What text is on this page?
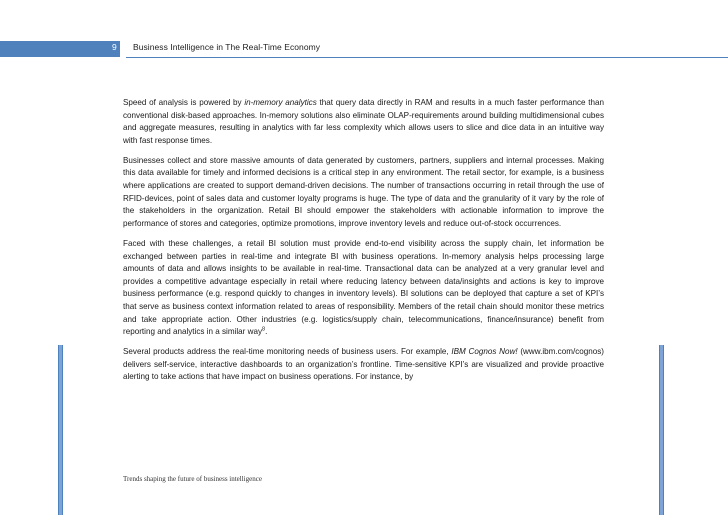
9 Business Intelligence in The Real-Time Economy

Speed of analysis is powered by in-memory analytics that query data directly in RAM and results in a much faster performance than conventional disk-based approaches. In-memory solutions also eliminate OLAP-requirements around building multidimensional cubes and aggregate measures, resulting in analytics with far less complexity which allows users to slice and dice data in an intuitive way with fast response times.

Businesses collect and store massive amounts of data generated by customers, partners, suppliers and internal processes. Making this data available for timely and informed decisions is a critical step in any environment. The retail sector, for example, is a business where applications are created to support demand-driven decisions. The number of transactions occurring in retail through the use of RFID-devices, point of sales data and customer loyalty programs is huge. The type of data and the granularity of it vary by the role of the stakeholders in the organization. Retail BI should empower the stakeholders with actionable information to improve the performance of stores and categories, optimize promotions, improve inventory levels and reduce out-of-stock occurrences.

Faced with these challenges, a retail BI solution must provide end-to-end visibility across the supply chain, let information be exchanged between parties in real-time and integrate BI with business operations. In-memory analysis helps processing large amounts of data and allows insights to be available in real-time. Transactional data can be analyzed at a very granular level and provides a competitive advantage especially in retail where reducing latency between data/insights and actions is key to improve business performance (e.g. respond quickly to changes in inventory levels). BI solutions can be deployed that capture a set of KPI’s that serve as business context information related to areas of responsibility. Members of the retail chain should monitor these metrics and take appropriate action. Other industries (e.g. logistics/supply chain, telecommunications, finance/insurance) benefit from reporting and analytics in a similar way$^8$.

Several products address the real-time monitoring needs of business users. For example, IBM Cognos Now! (www.ibm.com/cognos) delivers self-service, interactive dashboards to an organization’s frontline. Time-sensitive KPI’s are visualized and provide proactive alerting to take actions that have impact on business operations. For instance, by

Trends shaping the future of business intelligence
